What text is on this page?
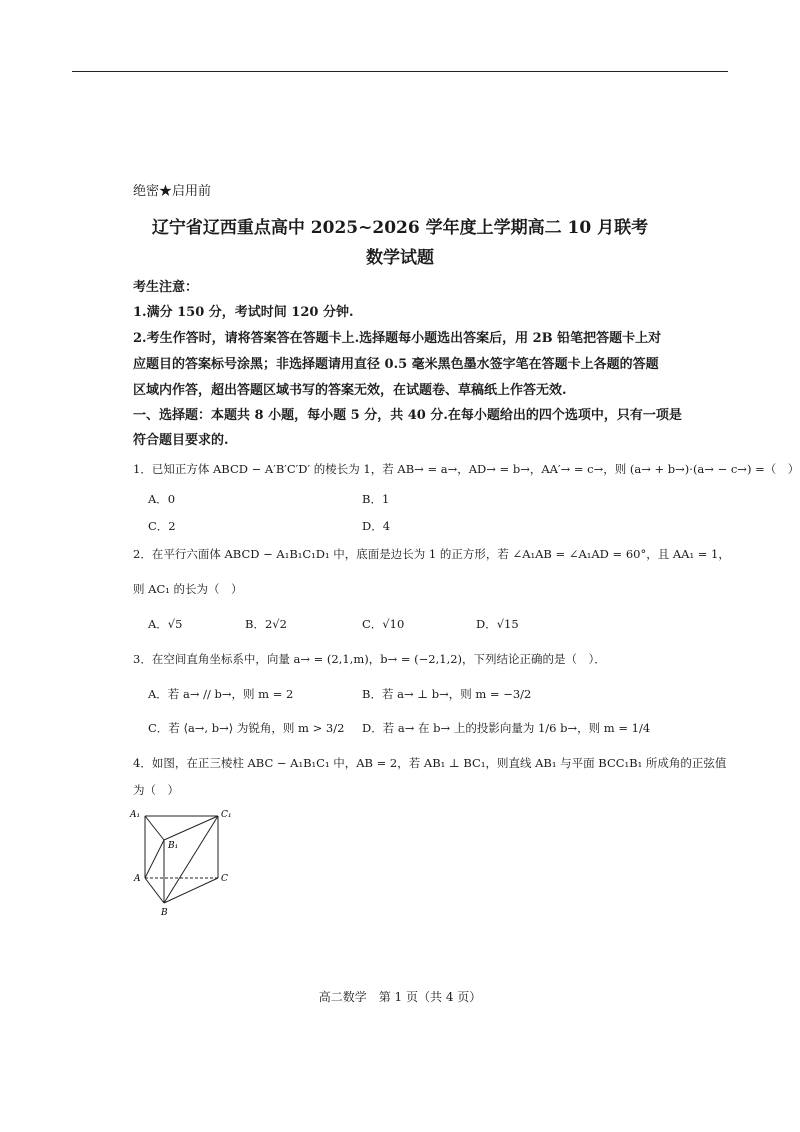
绝密★启用前
辽宁省辽西重点高中 2025~2026 学年度上学期高二 10 月联考
数学试题
考生注意：
1.满分 150 分，考试时间 120 分钟.
2.考生作答时，请将答案答在答题卡上.选择题每小题选出答案后，用 2B 铅笔把答题卡上对
应题目的答案标号涂黑；非选择题请用直径 0.5 毫米黑色墨水签字笔在答题卡上各题的答题
区域内作答，超出答题区域书写的答案无效，在试题卷、草稿纸上作答无效.
一、选择题：本题共 8 小题，每小题 5 分，共 40 分.在每小题给出的四个选项中，只有一项是
符合题目要求的.
1．已知正方体 ABCD − A′B′C′D′ 的棱长为 1，若 AB→ = a→，AD→ = b→，AA′→ = c→，则 (a→ + b→)·(a→ − c→) =（　）
A．0	B．1
C．2	D．4
2．在平行六面体 ABCD − A₁B₁C₁D₁ 中，底面是边长为 1 的正方形，若 ∠A₁AB = ∠A₁AD = 60°，且 AA₁ = 1，
则 AC₁ 的长为（　）
A．√5	B．2√2	C．√10	D．√15
3．在空间直角坐标系中，向量 a→ = (2,1,m)，b→ = (−2,1,2)，下列结论正确的是（　）．
A．若 a→ // b→，则 m = 2	B．若 a→ ⊥ b→，则 m = −3/2
C．若 ⟨a→, b→⟩ 为锐角，则 m > 3/2 D．若 a→ 在 b→ 上的投影向量为 1/6 b→，则 m = 1/4
4．如图，在正三棱柱 ABC − A₁B₁C₁ 中，AB = 2，若 AB₁ ⊥ BC₁，则直线 AB₁ 与平面 BCC₁B₁ 所成角的正弦值
为（　）
A₁	C₁
B₁
A	C
B
高二数学　第 1 页（共 4 页）
